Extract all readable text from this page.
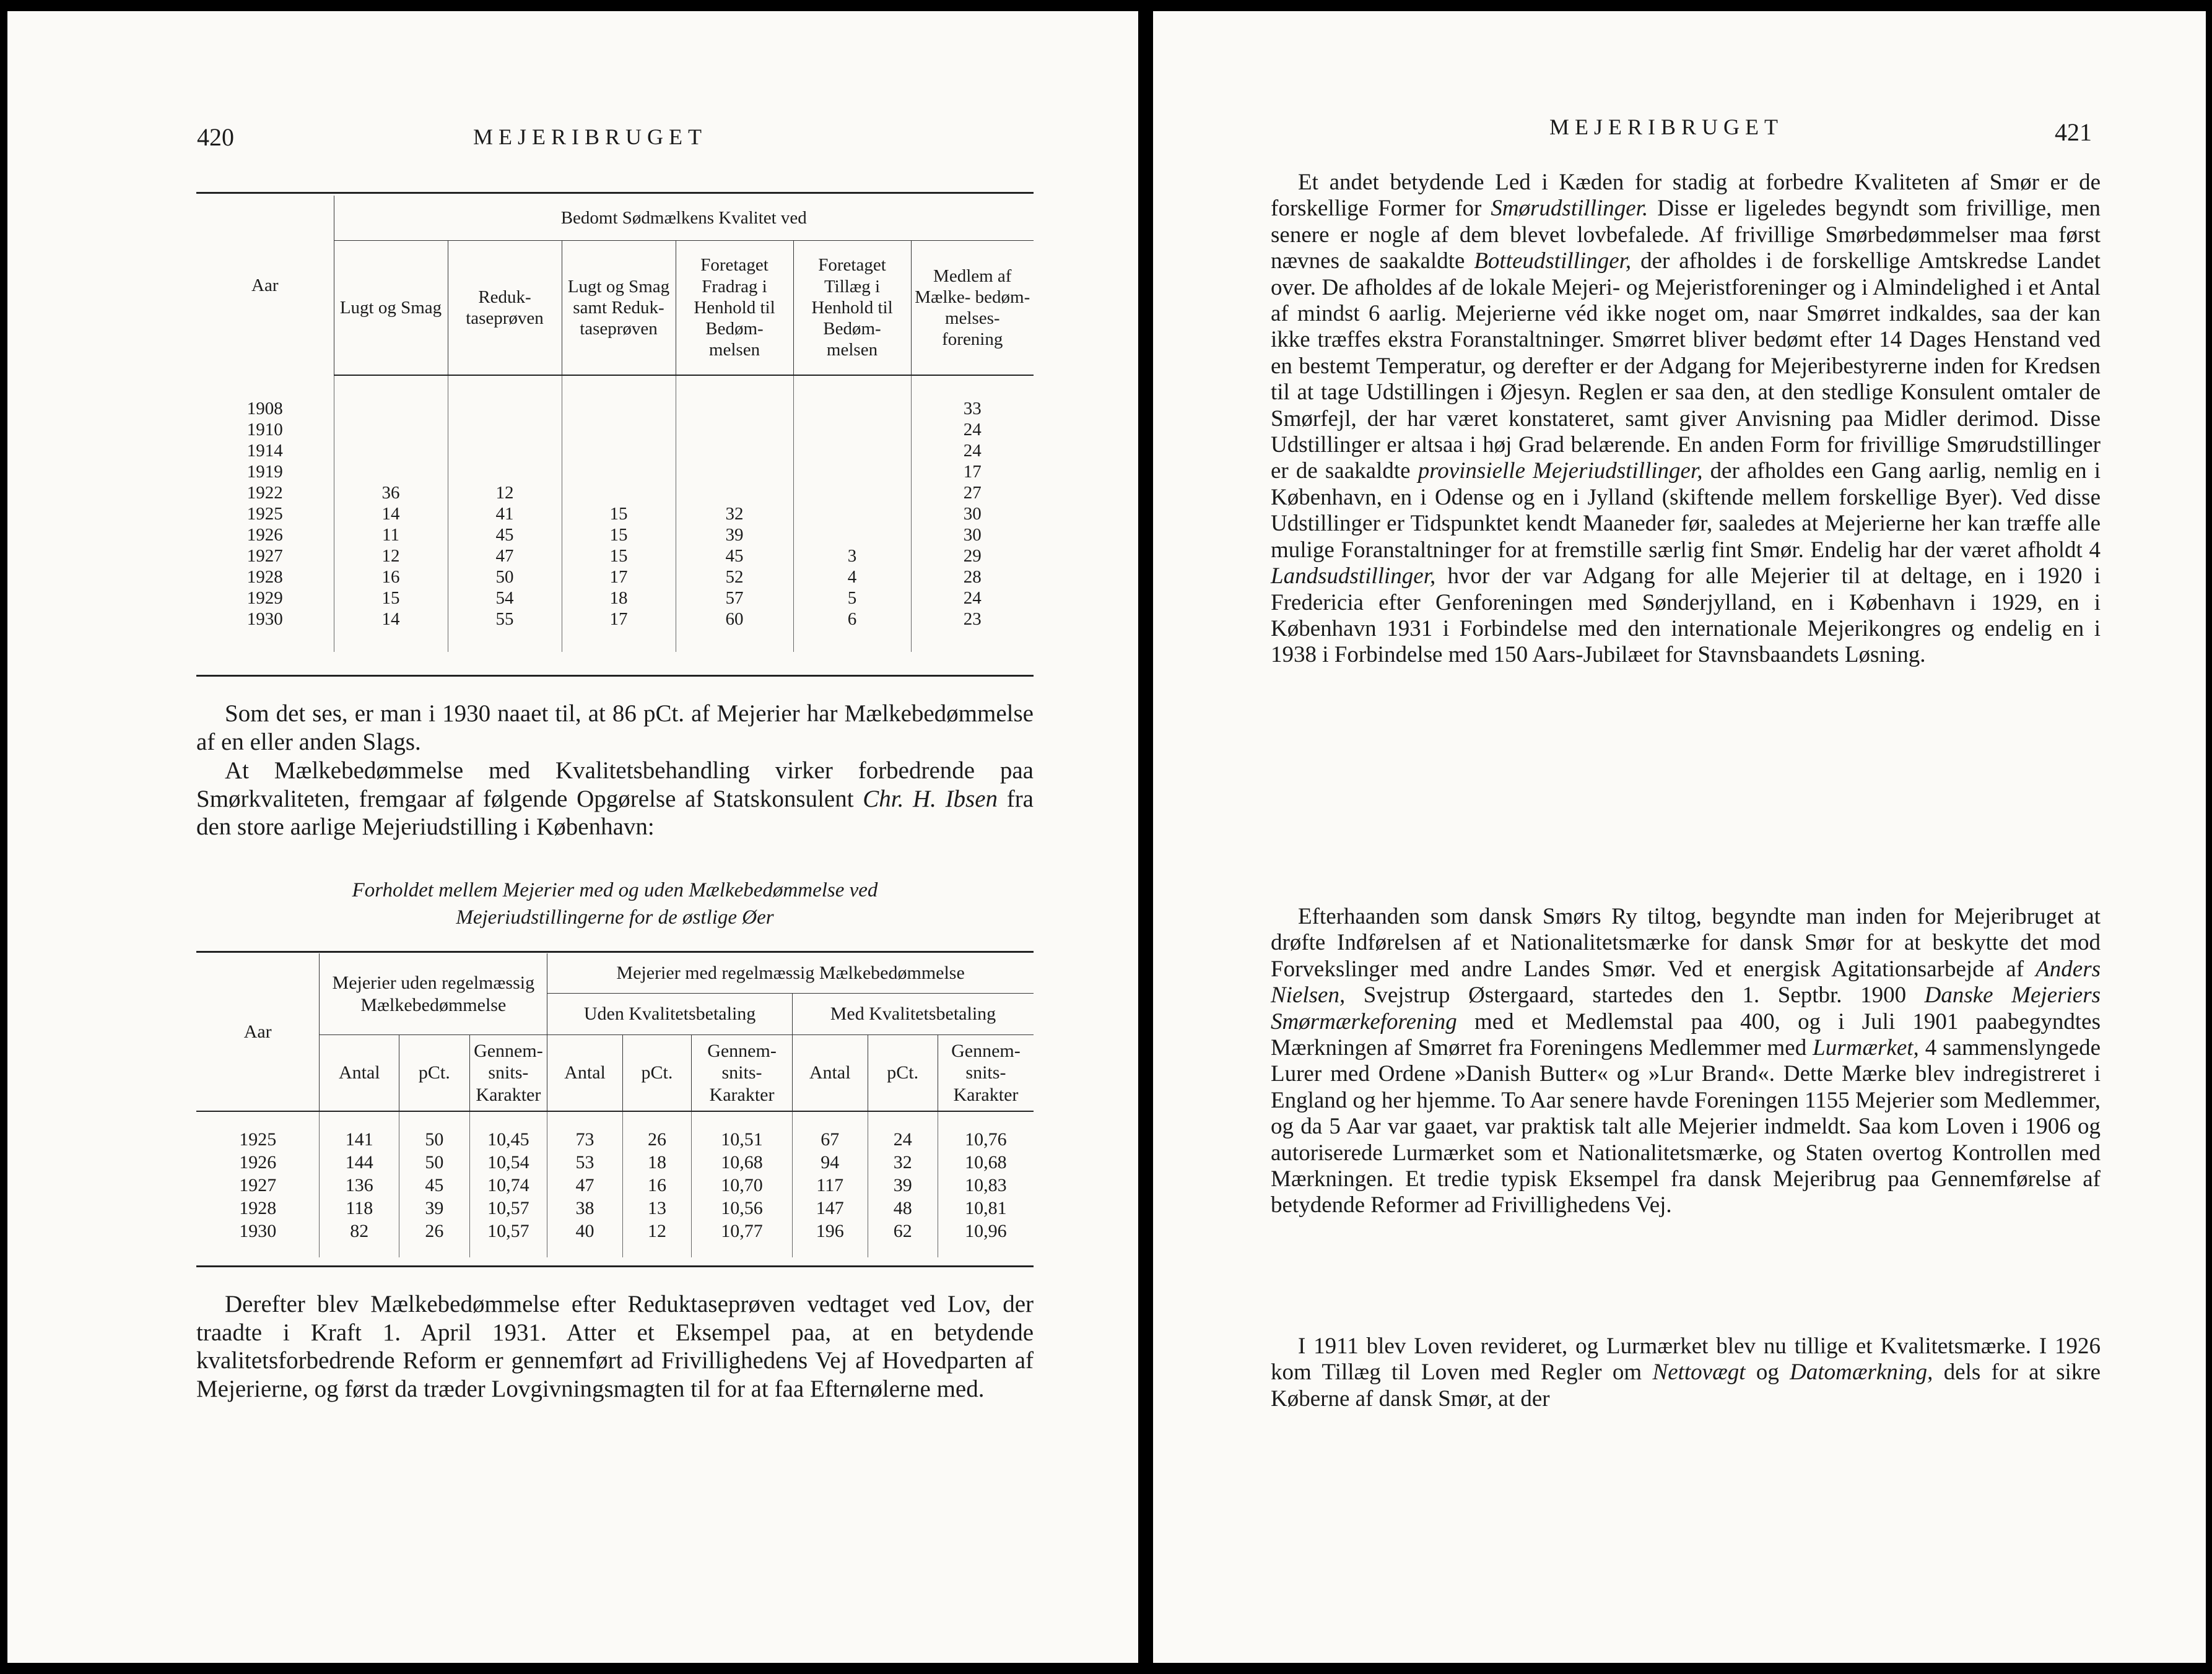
420	MEJERIBRUGET
Aar	Bedomt Sødmælkens Kvalitet ved					
	Lugt og Smag	Reduk- taseprøven	Lugt og Smag samt Reduk- taseprøven	Foretaget Fradrag i Henhold til Bedøm- melsen	Foretaget Tillæg i Henhold til Bedøm- melsen	Medlem af Mælke- bedøm- melses- forening
1908						33
1910						24
1914						24
1919						17
1922	36	12				27
1925	14	41	15	32		30
1926	11	45	15	39		30
1927	12	47	15	45	3	29
1928	16	50	17	52	4	28
1929	15	54	18	57	5	24
1930	14	55	17	60	6	23

Som det ses, er man i 1930 naaet til, at 86 pCt. af Mejerier har Mælkebedømmelse af en eller anden Slags.

At Mælkebedømmelse med Kvalitetsbehandling virker forbedrende paa Smørkvaliteten, fremgaar af følgende Opgørelse af Statskonsulent Chr. H. Ibsen fra den store aarlige Mejeriudstilling i København:

Forholdet mellem Mejerier med og uden Mælkebedømmelse ved
Mejeriudstillingerne for de østlige Øer

Aar	Mejerier uden regelmæssig Mælkebedømmelse			Mejerier med regelmæssig Mælkebedømmelse					
				Uden Kvalitetsbetaling			Med Kvalitetsbetaling		
	Antal	pCt.	Gennem- snits- Karakter	Antal	pCt.	Gennem- snits- Karakter	Antal	pCt.	Gennem- snits- Karakter
1925	141	50	10,45	73	26	10,51	67	24	10,76
1926	144	50	10,54	53	18	10,68	94	32	10,68
1927	136	45	10,74	47	16	10,70	117	39	10,83
1928	118	39	10,57	38	13	10,56	147	48	10,81
1930	82	26	10,57	40	12	10,77	196	62	10,96

Derefter blev Mælkebedømmelse efter Reduktaseprøven vedtaget ved Lov, der traadte i Kraft 1. April 1931. Atter et Eksempel paa, at en betydende kvalitetsforbedrende Reform er gennemført ad Frivillighedens Vej af Hovedparten af Mejerierne, og først da træder Lovgivningsmagten til for at faa Efternølerne med.

MEJERIBRUGET	421

Et andet betydende Led i Kæden for stadig at forbedre Kvaliteten af Smør er de forskellige Former for Smørudstillinger. Disse er ligeledes begyndt som frivillige, men senere er nogle af dem blevet lovbefalede. Af frivillige Smørbedømmelser maa først nævnes de saakaldte Botteudstillinger, der afholdes i de forskellige Amtskredse Landet over. De afholdes af de lokale Mejeri- og Mejeristforeninger og i Almindelighed i et Antal af mindst 6 aarlig. Mejerierne véd ikke noget om, naar Smørret indkaldes, saa der kan ikke træffes ekstra Foranstaltninger. Smørret bliver bedømt efter 14 Dages Henstand ved en bestemt Temperatur, og derefter er der Adgang for Mejeribestyrerne inden for Kredsen til at tage Udstillingen i Øjesyn. Reglen er saa den, at den stedlige Konsulent omtaler de Smørfejl, der har været konstateret, samt giver Anvisning paa Midler derimod. Disse Udstillinger er altsaa i høj Grad belærende. En anden Form for frivillige Smørudstillinger er de saakaldte provinsielle Mejeriudstillinger, der afholdes een Gang aarlig, nemlig en i København, en i Odense og en i Jylland (skiftende mellem forskellige Byer). Ved disse Udstillinger er Tidspunktet kendt Maaneder før, saaledes at Mejerierne her kan træffe alle mulige Foranstaltninger for at fremstille særlig fint Smør. Endelig har der været afholdt 4 Landsudstillinger, hvor der var Adgang for alle Mejerier til at deltage, en i 1920 i Fredericia efter Genforeningen med Sønderjylland, en i København i 1929, en i København 1931 i Forbindelse med den internationale Mejerikongres og endelig en i 1938 i Forbindelse med 150 Aars-Jubilæet for Stavnsbaandets Løsning.

Efterhaanden som dansk Smørs Ry tiltog, begyndte man inden for Mejeribruget at drøfte Indførelsen af et Nationalitetsmærke for dansk Smør for at beskytte det mod Forvekslinger med andre Landes Smør. Ved et energisk Agitationsarbejde af Anders Nielsen, Svejstrup Østergaard, startedes den 1. Septbr. 1900 Danske Mejeriers Smørmærkeforening med et Medlemstal paa 400, og i Juli 1901 paabegyndtes Mærkningen af Smørret fra Foreningens Medlemmer med Lurmærket, 4 sammenslyngede Lurer med Ordene »Danish Butter« og »Lur Brand«. Dette Mærke blev indregistreret i England og her hjemme. To Aar senere havde Foreningen 1155 Mejerier som Medlemmer, og da 5 Aar var gaaet, var praktisk talt alle Mejerier indmeldt. Saa kom Loven i 1906 og autoriserede Lurmærket som et Nationalitetsmærke, og Staten overtog Kontrollen med Mærkningen. Et tredie typisk Eksempel fra dansk Mejeribrug paa Gennemførelse af betydende Reformer ad Frivillighedens Vej.

I 1911 blev Loven revideret, og Lurmærket blev nu tillige et Kvalitetsmærke. I 1926 kom Tillæg til Loven med Regler om Nettovægt og Datomærkning, dels for at sikre Køberne af dansk Smør, at der
